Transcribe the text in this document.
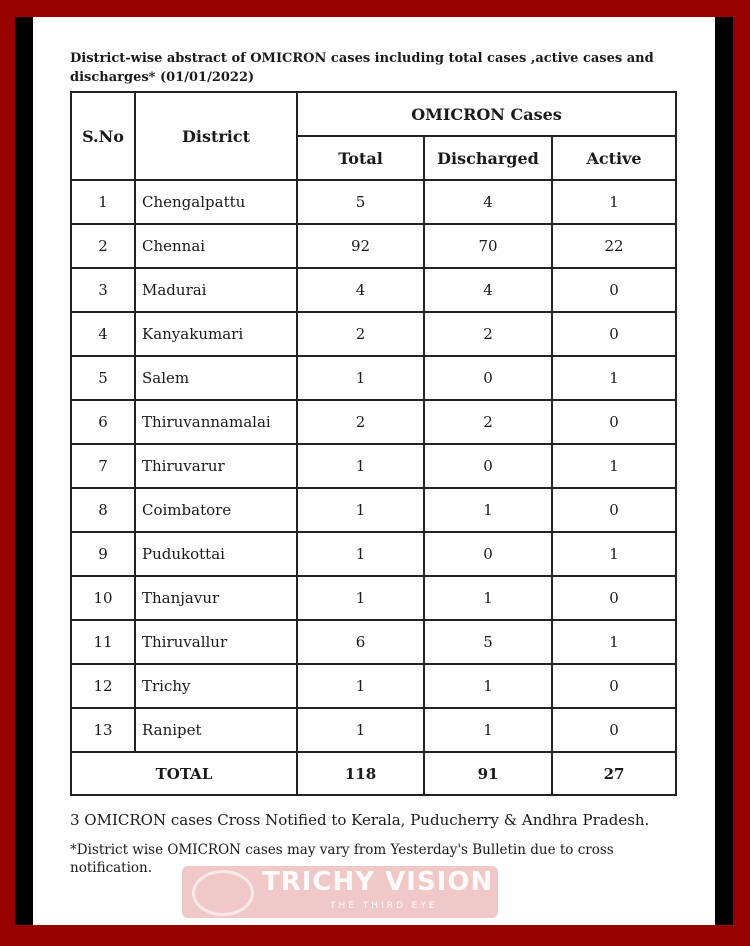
District-wise abstract of OMICRON cases including total cases ,active cases and discharges* (01/01/2022)
S.No	District	OMICRON Cases		
		Total	Discharged	Active
1	Chengalpattu	5	4	1
2	Chennai	92	70	22
3	Madurai	4	4	0
4	Kanyakumari	2	2	0
5	Salem	1	0	1
6	Thiruvannamalai	2	2	0
7	Thiruvarur	1	0	1
8	Coimbatore	1	1	0
9	Pudukottai	1	0	1
10	Thanjavur	1	1	0
11	Thiruvallur	6	5	1
12	Trichy	1	1	0
13	Ranipet	1	1	0
TOTAL		118	91	27
3 OMICRON cases Cross Notified to Kerala, Puducherry & Andhra Pradesh.
*District wise OMICRON cases may vary from Yesterday's Bulletin due to cross notification.	TRICHY VISION
THE THIRD EYE
